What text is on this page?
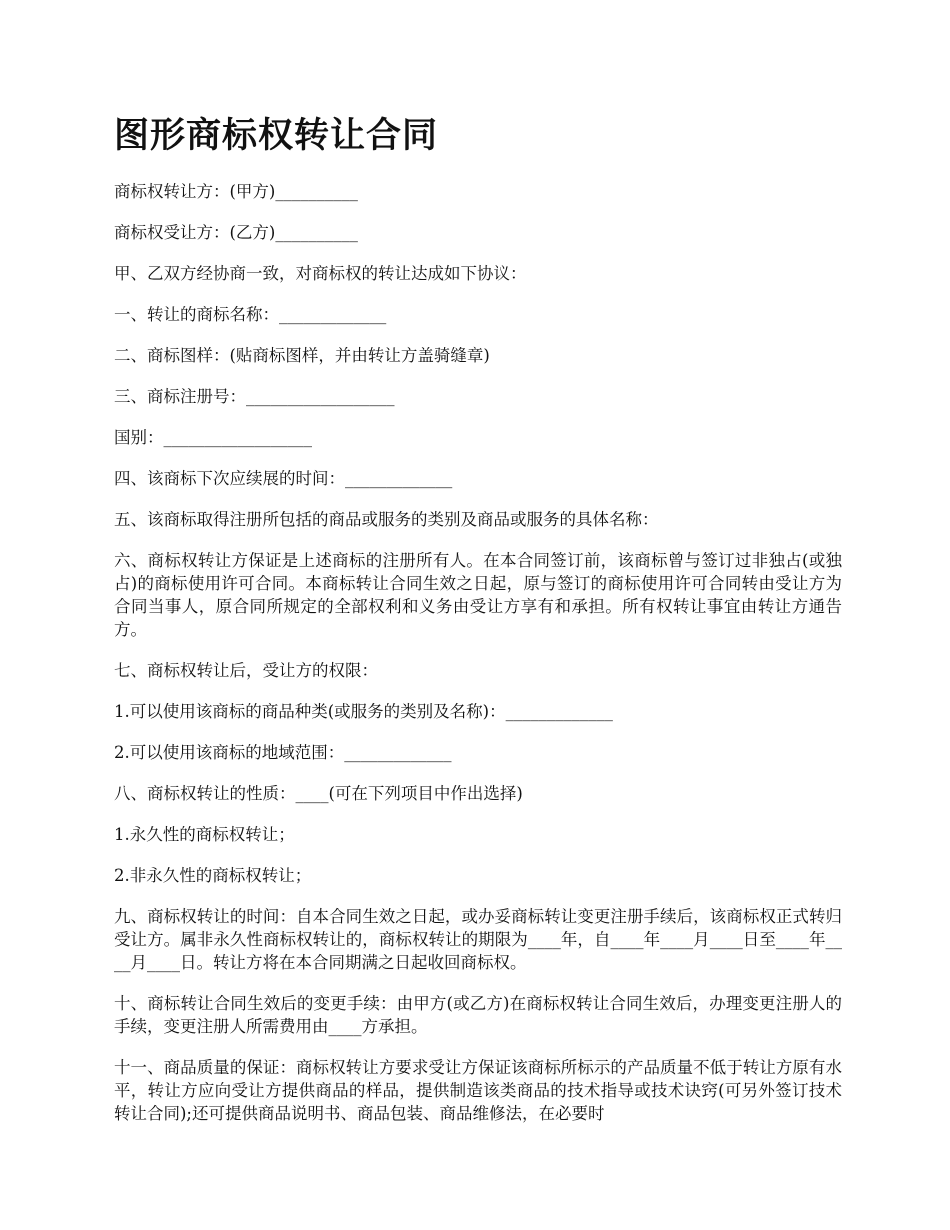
图形商标权转让合同

商标权转让方：(甲方)__________

商标权受让方：(乙方)__________

甲、乙双方经协商一致，对商标权的转让达成如下协议：

一、转让的商标名称：_____________

二、商标图样：(贴商标图样，并由转让方盖骑缝章)

三、商标注册号：__________________

国别：__________________

四、该商标下次应续展的时间：_____________

五、该商标取得注册所包括的商品或服务的类别及商品或服务的具体名称：

六、商标权转让方保证是上述商标的注册所有人。在本合同签订前，该商标曾与签订过非独占(或独占)的商标使用许可合同。本商标转让合同生效之日起，原与签订的商标使用许可合同转由受让方为合同当事人，原合同所规定的全部权利和义务由受让方享有和承担。所有权转让事宜由转让方通告方。

七、商标权转让后，受让方的权限：

1.可以使用该商标的商品种类(或服务的类别及名称)：_____________

2.可以使用该商标的地域范围：_____________

八、商标权转让的性质：____(可在下列项目中作出选择)

1.永久性的商标权转让；

2.非永久性的商标权转让；

九、商标权转让的时间：自本合同生效之日起，或办妥商标转让变更注册手续后，该商标权正式转归受让方。属非永久性商标权转让的，商标权转让的期限为____年，自____年____月____日至____年____月____日。转让方将在本合同期满之日起收回商标权。

十、商标转让合同生效后的变更手续：由甲方(或乙方)在商标权转让合同生效后，办理变更注册人的手续，变更注册人所需费用由____方承担。

十一、商品质量的保证：商标权转让方要求受让方保证该商标所标示的产品质量不低于转让方原有水平，转让方应向受让方提供商品的样品，提供制造该类商品的技术指导或技术诀窍(可另外签订技术转让合同);还可提供商品说明书、商品包装、商品维修法，在必要时
